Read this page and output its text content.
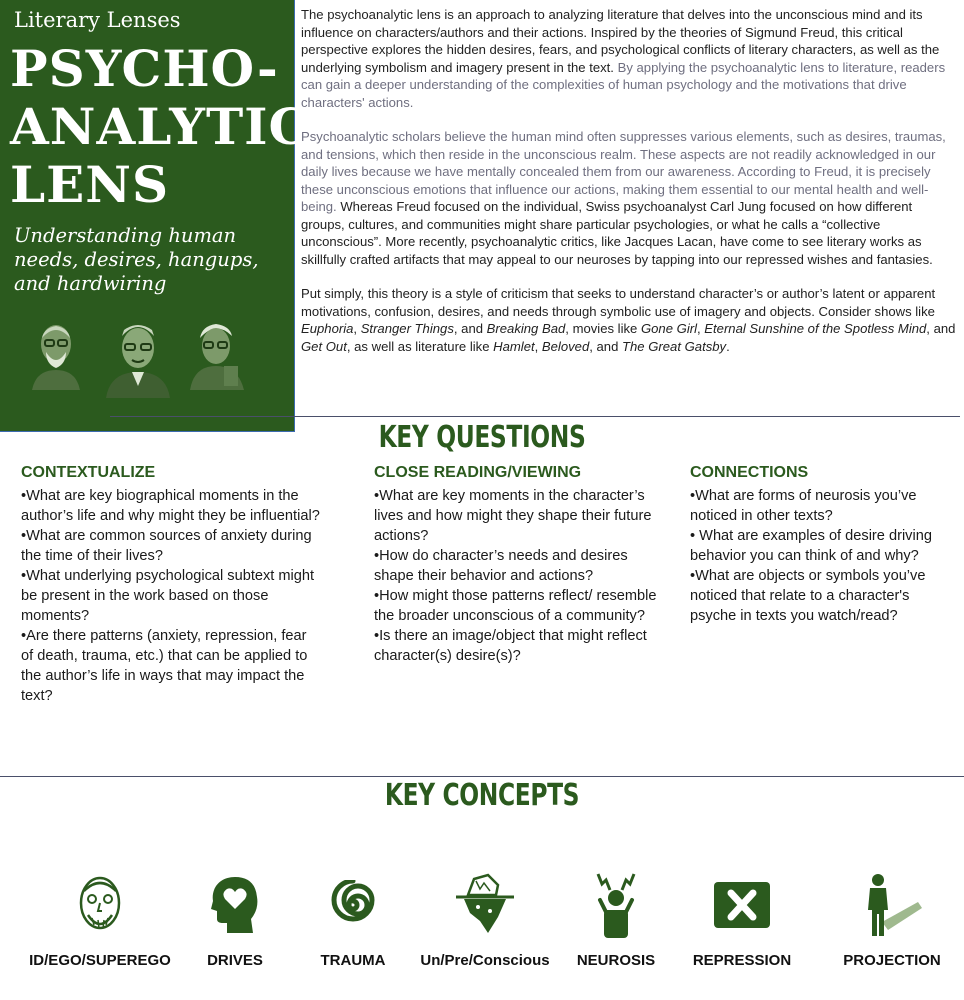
Literary Lenses
PSYCHO-
ANALYTIC
LENS
Understanding human needs, desires, hangups, and hardwiring

The psychoanalytic lens is an approach to analyzing literature that delves into the unconscious mind and its influence on characters/authors and their actions. Inspired by the theories of Sigmund Freud, this critical perspective explores the hidden desires, fears, and psychological conflicts of literary characters, as well as the underlying symbolism and imagery present in the text. By applying the psychoanalytic lens to literature, readers can gain a deeper understanding of the complexities of human psychology and the motivations that drive characters' actions.

Psychoanalytic scholars believe the human mind often suppresses various elements, such as desires, traumas, and tensions, which then reside in the unconscious realm. These aspects are not readily acknowledged in our daily lives because we have mentally concealed them from our awareness. According to Freud, it is precisely these unconscious emotions that influence our actions, making them essential to our mental health and well-being. Whereas Freud focused on the individual, Swiss psychoanalyst Carl Jung focused on how different groups, cultures, and communities might share particular psychologies, or what he calls a “collective unconscious”. More recently, psychoanalytic critics, like Jacques Lacan, have come to see literary works as skillfully crafted artifacts that may appeal to our neuroses by tapping into our repressed wishes and fantasies.

Put simply, this theory is a style of criticism that seeks to understand character’s or author’s latent or apparent motivations, confusion, desires, and needs through symbolic use of imagery and objects. Consider shows like Euphoria, Stranger Things, and Breaking Bad, movies like Gone Girl, Eternal Sunshine of the Spotless Mind, and Get Out, as well as literature like Hamlet, Beloved, and The Great Gatsby.

KEY QUESTIONS
CONTEXTUALIZE
• What are key biographical moments in the author’s life and why might they be influential?
• What are common sources of anxiety during the time of their lives?
• What underlying psychological subtext might be present in the work based on those moments?
• Are there patterns (anxiety, repression, fear of death, trauma, etc.) that can be applied to the author’s life in ways that may impact the text?
CLOSE READING/VIEWING
• What are key moments in the character’s lives and how might they shape their future actions?
• How do character’s needs and desires shape their behavior and actions?
• How might those patterns reflect/ resemble the broader unconscious of a community?
• Is there an image/object that might reflect character(s) desire(s)?
CONNECTIONS
• What are forms of neurosis you’ve noticed in other texts?
• What are examples of desire driving behavior you can think of and why?
• What are objects or symbols you’ve noticed that relate to a character's psyche in texts you watch/read?
KEY CONCEPTS
ID/EGO/SUPEREGO	DRIVES	TRAUMA	Un/Pre/Conscious	NEUROSIS	REPRESSION	PROJECTION
